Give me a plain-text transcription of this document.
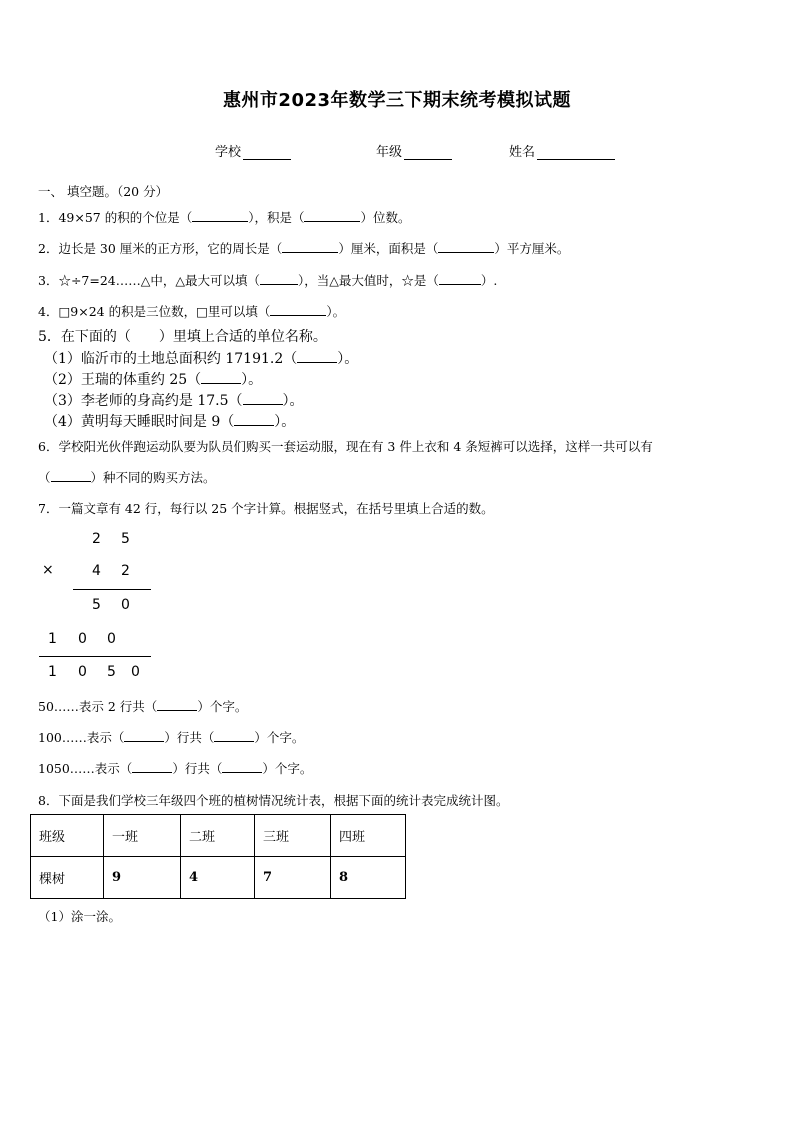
惠州市2023年数学三下期末统考模拟试题
学校	年级	姓名
一、 填空题。（20 分）
1．49×57 的积的个位是（	），积是（	）位数。
2．边长是 30 厘米的正方形，它的周长是（	）厘米，面积是（	）平方厘米。
3．☆÷7=24……△中，△最大可以填（	），当△最大值时，☆是（	）.
4．□9×24 的积是三位数，□里可以填（	）。
5．在下面的（　　）里填上合适的单位名称。
（1）临沂市的土地总面积约 17191.2（	）。
（2）王瑞的体重约 25（	）。
（3）李老师的身高约是 17.5（	）。
（4）黄明每天睡眠时间是 9（	）。
6．学校阳光伙伴跑运动队要为队员们购买一套运动服，现在有 3 件上衣和 4 条短裤可以选择，这样一共可以有
（	）种不同的购买方法。
7．一篇文章有 42 行，每行以 25 个字计算。根据竖式，在括号里填上合适的数。
2 5
×	4 2
5 0
1 0 0
1 0 5 0
50……表示 2 行共（	）个字。
100……表示（	）行共（	）个字。
1050……表示（	）行共（	）个字。
8．下面是我们学校三年级四个班的植树情况统计表，根据下面的统计表完成统计图。
班级	一班	二班	三班	四班
棵树	9	4	7	8
（1）涂一涂。
